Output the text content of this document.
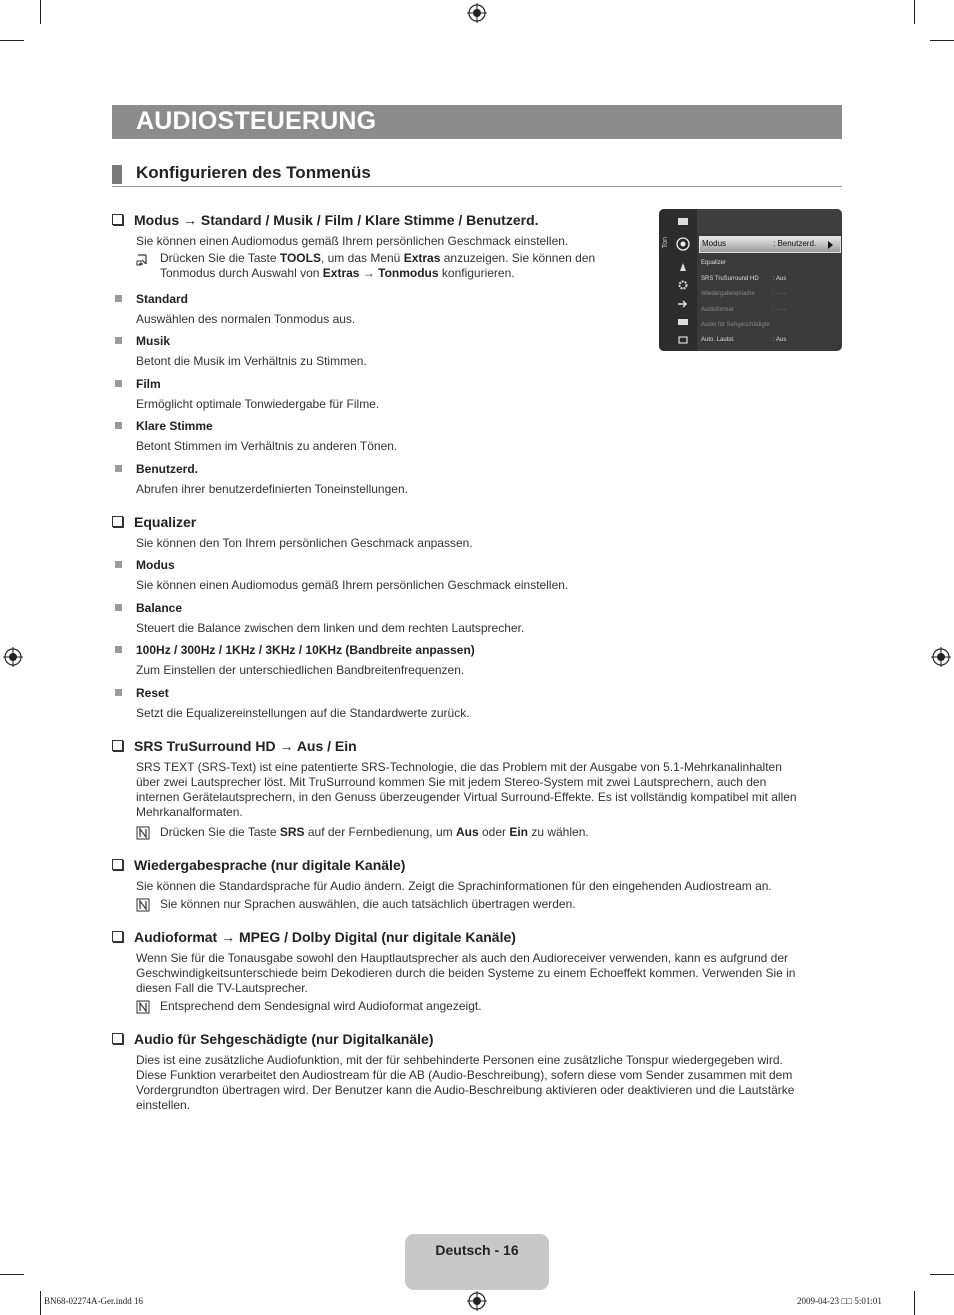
AUDIOSTEUERUNG
Konfigurieren des Tonmenüs
Ton	Modus	: Benutzerd.
Equalizer
SRS TruSurround HD : Aus
Wiedergabesprache	: - - -
Audioformat	: - - -
Audio für Sehgeschädigte
Auto. Lautst.	: Aus
Modus → Standard / Musik / Film / Klare Stimme / Benutzerd.
Sie können einen Audiomodus gemäß Ihrem persönlichen Geschmack einstellen.
Drücken Sie die Taste TOOLS, um das Menü Extras anzuzeigen. Sie können den
Tonmodus durch Auswahl von Extras → Tonmodus konfigurieren.
Standard
Auswählen des normalen Tonmodus aus.
Musik
Betont die Musik im Verhältnis zu Stimmen.
Film
Ermöglicht optimale Tonwiedergabe für Filme.
Klare Stimme
Betont Stimmen im Verhältnis zu anderen Tönen.
Benutzerd.
Abrufen ihrer benutzerdefinierten Toneinstellungen.
Equalizer
Sie können den Ton Ihrem persönlichen Geschmack anpassen.
Modus
Sie können einen Audiomodus gemäß Ihrem persönlichen Geschmack einstellen.
Balance
Steuert die Balance zwischen dem linken und dem rechten Lautsprecher.
100Hz / 300Hz / 1KHz / 3KHz / 10KHz (Bandbreite anpassen)
Zum Einstellen der unterschiedlichen Bandbreitenfrequenzen.
Reset
Setzt die Equalizereinstellungen auf die Standardwerte zurück.
SRS TruSurround HD → Aus / Ein
SRS TEXT (SRS-Text) ist eine patentierte SRS-Technologie, die das Problem mit der Ausgabe von 5.1-Mehrkanalinhalten
über zwei Lautsprecher löst. Mit TruSurround kommen Sie mit jedem Stereo-System mit zwei Lautsprechern, auch den
internen Gerätelautsprechern, in den Genuss überzeugender Virtual Surround-Effekte. Es ist vollständig kompatibel mit allen
Mehrkanalformaten.
Drücken Sie die Taste SRS auf der Fernbedienung, um Aus oder Ein zu wählen.
Wiedergabesprache (nur digitale Kanäle)
Sie können die Standardsprache für Audio ändern. Zeigt die Sprachinformationen für den eingehenden Audiostream an.
Sie können nur Sprachen auswählen, die auch tatsächlich übertragen werden.
Audioformat → MPEG / Dolby Digital (nur digitale Kanäle)
Wenn Sie für die Tonausgabe sowohl den Hauptlautsprecher als auch den Audioreceiver verwenden, kann es aufgrund der
Geschwindigkeitsunterschiede beim Dekodieren durch die beiden Systeme zu einem Echoeffekt kommen. Verwenden Sie in
diesen Fall die TV-Lautsprecher.
Entsprechend dem Sendesignal wird Audioformat angezeigt.
Audio für Sehgeschädigte (nur Digitalkanäle)
Dies ist eine zusätzliche Audiofunktion, mit der für sehbehinderte Personen eine zusätzliche Tonspur wiedergegeben wird.
Diese Funktion verarbeitet den Audiostream für die AB (Audio-Beschreibung), sofern diese vom Sender zusammen mit dem
Vordergrundton übertragen wird. Der Benutzer kann die Audio-Beschreibung aktivieren oder deaktivieren und die Lautstärke
einstellen.
Deutsch - 16
BN68-02274A-Ger.indd 16	2009-04-23 □□ 5:01:01
